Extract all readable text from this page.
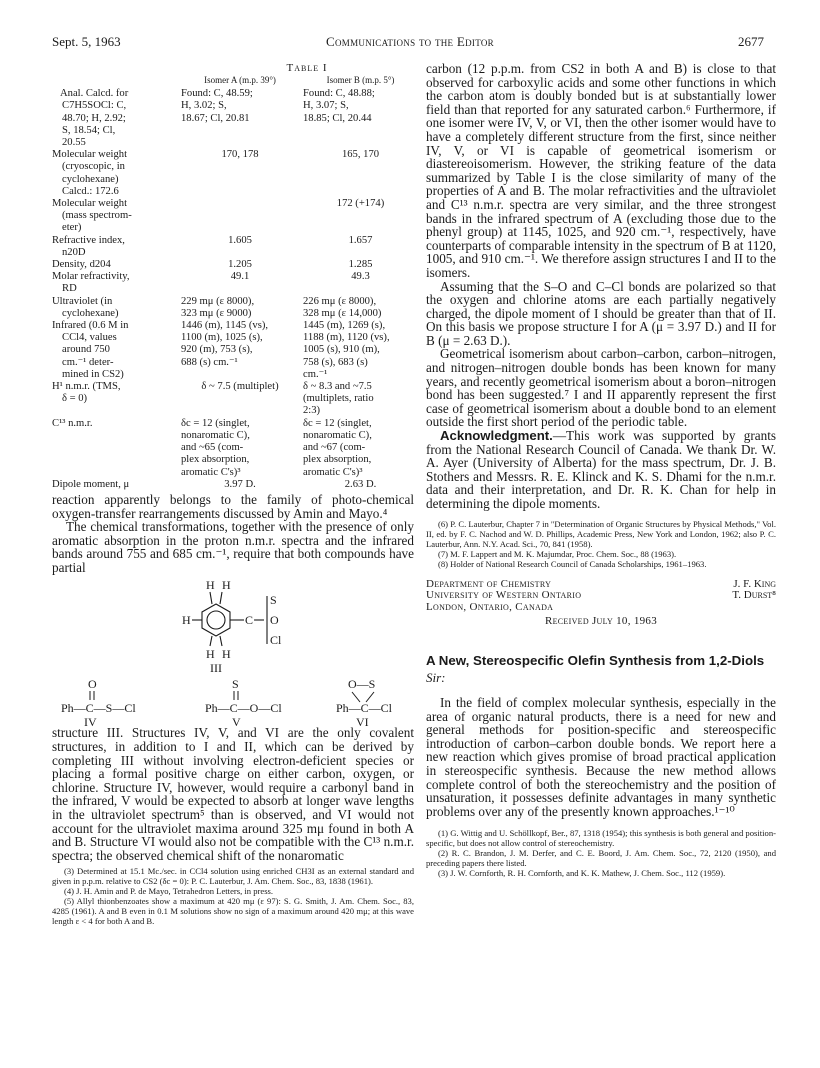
Sept. 5, 1963	Communications to the Editor	2677
Table I
	Isomer A (m.p. 39°)	Isomer B (m.p. 5°)

Anal. Calcd. for
C7H5SOCl: C,
48.70; H, 2.92;
S, 18.54; Cl,
20.55	Found: C, 48.59;
H, 3.02; S,
18.67; Cl, 20.81	Found: C, 48.88;
H, 3.07; S,
18.85; Cl, 20.44

Molecular weight
(cryoscopic, in
cyclohexane)
Calcd.: 172.6	170, 178	165, 170

Molecular weight
(mass spectrom-
eter)		172 (+174)

Refractive index,
n20D	1.605	1.657

Density, d204	1.205	1.285

Molar refractivity,
RD	49.1	49.3

Ultraviolet (in
cyclohexane)	229 mμ (ε 8000),
323 mμ (ε 9000)	226 mμ (ε 8000),
328 mμ (ε 14,000)

Infrared (0.6 M in
CCl4, values
around 750
cm.⁻¹ deter-
mined in CS2)	1446 (m), 1145 (vs),
1100 (m), 1025 (s),
920 (m), 753 (s),
688 (s) cm.⁻¹	1445 (m), 1269 (s),
1188 (m), 1120 (vs),
1005 (s), 910 (m),
758 (s), 683 (s)
cm.⁻¹

H¹ n.m.r. (TMS,
δ = 0)	δ ~ 7.5 (multiplet)	δ ~ 8.3 and ~7.5
(multiplets, ratio
2:3)

C¹³ n.m.r.	δc = 12 (singlet,
nonaromatic C),
and ~65 (com-
plex absorption,
aromatic C's)³	δc = 12 (singlet,
nonaromatic C),
and ~67 (com-
plex absorption,
aromatic C's)³

Dipole moment, μ	3.97 D.	2.63 D.

reaction apparently belongs to the family of photo-chemical oxygen-transfer rearrangements discussed by Amin and Mayo.⁴

The chemical transformations, together with the presence of only aromatic absorption in the proton n.m.r. spectra and the infrared bands around 755 and 685 cm.⁻¹, require that both compounds have partial

H H
H	C
H H
S
O
Cl
III
O
Ph—C—S—Cl
IV
S
Ph—C—O—Cl
V
O—S
Ph—C—Cl
VI

structure III. Structures IV, V, and VI are the only covalent structures, in addition to I and II, which can be derived by completing III without involving electron-deficient species or placing a formal positive charge on either carbon, oxygen, or chlorine. Structure IV, however, would require a carbonyl band in the infrared, V would be expected to absorb at longer wave lengths in the ultraviolet spectrum⁵ than is observed, and VI would not account for the ultraviolet maxima around 325 mμ found in both A and B. Structure VI would also not be compatible with the C¹³ n.m.r. spectra; the observed chemical shift of the nonaromatic

(3) Determined at 15.1 Mc./sec. in CCl4 solution using enriched CH3I as an external standard and given in p.p.m. relative to CS2 (δc = 0): P. C. Lauterbur, J. Am. Chem. Soc., 83, 1838 (1961).

(4) J. H. Amin and P. de Mayo, Tetrahedron Letters, in press.

(5) Allyl thionbenzoates show a maximum at 420 mμ (ε 97): S. G. Smith, J. Am. Chem. Soc., 83, 4285 (1961). A and B even in 0.1 M solutions show no sign of a maximum around 420 mμ; at this wave length ε < 4 for both A and B.

carbon (12 p.p.m. from CS2 in both A and B) is close to that observed for carboxylic acids and some other functions in which the carbon atom is doubly bonded but is at substantially lower field than that reported for any saturated carbon.⁶ Furthermore, if one isomer were IV, V, or VI, then the other isomer would have to have a completely different structure from the first, since neither IV, V, or VI is capable of geometrical isomerism or diastereoisomerism. However, the striking feature of the data summarized by Table I is the close similarity of many of the properties of A and B. The molar refractivities and the ultraviolet and C¹³ n.m.r. spectra are very similar, and the three strongest bands in the infrared spectrum of A (excluding those due to the phenyl group) at 1145, 1025, and 920 cm.⁻¹, respectively, have counterparts of comparable intensity in the spectrum of B at 1120, 1005, and 910 cm.⁻¹. We therefore assign structures I and II to the isomers.

Assuming that the S–O and C–Cl bonds are polarized so that the oxygen and chlorine atoms are each partially negatively charged, the dipole moment of I should be greater than that of II. On this basis we propose structure I for A (μ = 3.97 D.) and II for B (μ = 2.63 D.).

Geometrical isomerism about carbon–carbon, carbon–nitrogen, and nitrogen–nitrogen double bonds has been known for many years, and recently geometrical isomerism about a boron–nitrogen bond has been suggested.⁷ I and II apparently represent the first case of geometrical isomerism about a double bond to an element outside the first short period of the periodic table.

Acknowledgment.—This work was supported by grants from the National Research Council of Canada. We thank Dr. W. A. Ayer (University of Alberta) for the mass spectrum, Dr. J. B. Stothers and Messrs. R. E. Klinck and K. S. Dhami for the n.m.r. data and their interpretation, and Dr. R. K. Chan for help in determining the dipole moments.

(6) P. C. Lauterbur, Chapter 7 in "Determination of Organic Structures by Physical Methods," Vol. II, ed. by F. C. Nachod and W. D. Phillips, Academic Press, New York and London, 1962; also P. C. Lauterbur, Ann. N.Y. Acad. Sci., 70, 841 (1958).

(7) M. F. Lappert and M. K. Majumdar, Proc. Chem. Soc., 88 (1963).

(8) Holder of National Research Council of Canada Scholarships, 1961–1963.

J. F. King
T. Durst⁸
Department of Chemistry
University of Western Ontario
London, Ontario, Canada
Received July 10, 1963
A New, Stereospecific Olefin Synthesis from 1,2-Diols
Sir:

In the field of complex molecular synthesis, especially in the area of organic natural products, there is a need for new and general methods for position-specific and stereospecific introduction of carbon–carbon double bonds. We report here a new reaction which gives promise of broad practical application in stereospecific synthesis. Because the new method allows complete control of both the stereochemistry and the position of unsaturation, it possesses definite advantages in many synthetic problems over any of the presently known approaches.¹⁻¹⁰

(1) G. Wittig and U. Schöllkopf, Ber., 87, 1318 (1954); this synthesis is both general and position-specific, but does not allow control of stereochemistry.

(2) R. C. Brandon, J. M. Derfer, and C. E. Boord, J. Am. Chem. Soc., 72, 2120 (1950), and preceding papers there listed.

(3) J. W. Cornforth, R. H. Cornforth, and K. K. Mathew, J. Chem. Soc., 112 (1959).
